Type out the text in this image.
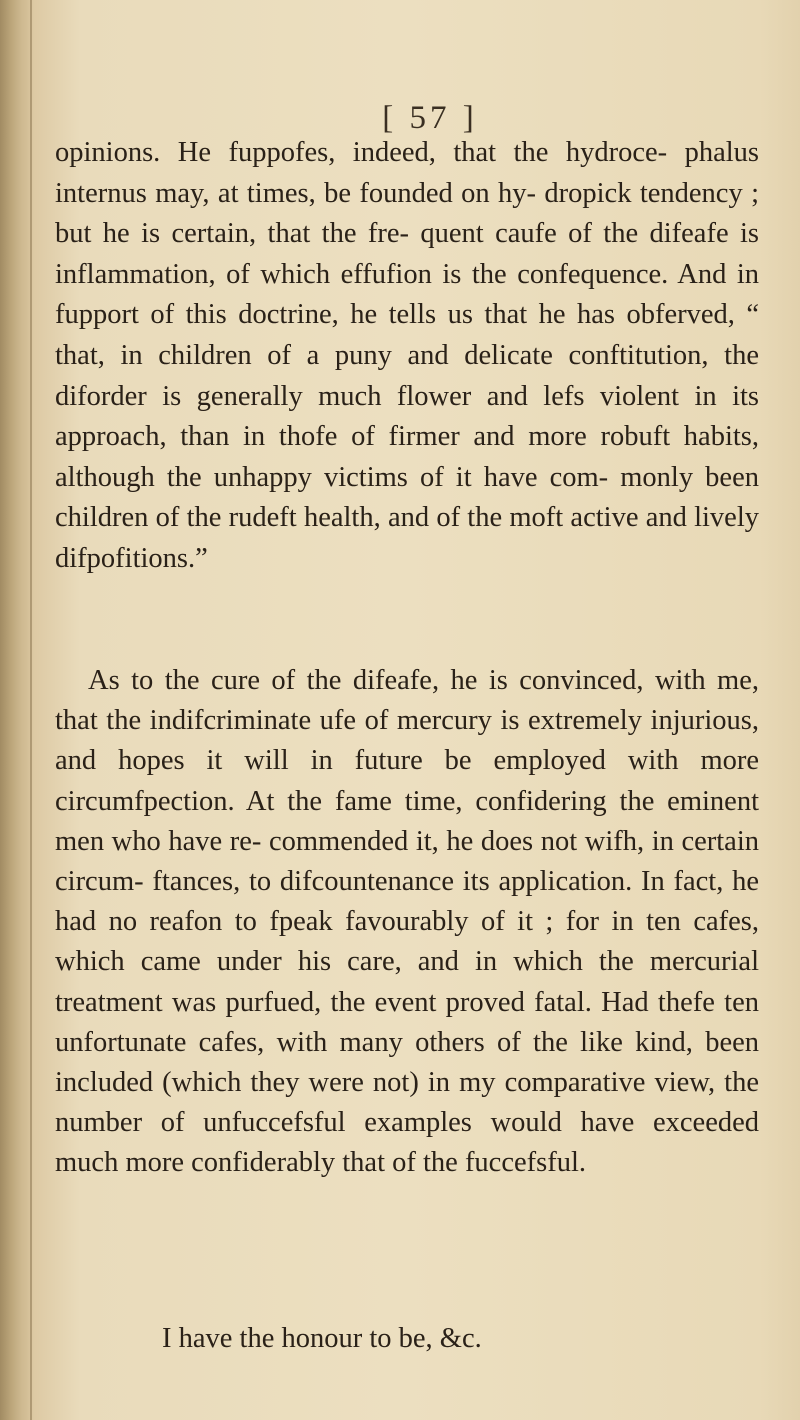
[ 57 ]

opinions. He fuppofes, indeed, that the hydroce- phalus internus may, at times, be founded on hy- dropick tendency ; but he is certain, that the fre- quent caufe of the difeafe is inflammation, of which effufion is the confequence. And in fupport of this doctrine, he tells us that he has obferved, “ that, in children of a puny and delicate conftitution, the diforder is generally much flower and lefs violent in its approach, than in thofe of firmer and more robuft habits, although the unhappy victims of it have com- monly been children of the rudeft health, and of the moft active and lively difpofitions.”

As to the cure of the difeafe, he is convinced, with me, that the indifcriminate ufe of mercury is extremely injurious, and hopes it will in future be employed with more circumfpection. At the fame time, confidering the eminent men who have re- commended it, he does not wifh, in certain circum- ftances, to difcountenance its application. In fact, he had no reafon to fpeak favourably of it ; for in ten cafes, which came under his care, and in which the mercurial treatment was purfued, the event proved fatal. Had thefe ten unfortunate cafes, with many others of the like kind, been included (which they were not) in my comparative view, the number of unfuccefsful examples would have exceeded much more confiderably that of the fuccefsful.

I have the honour to be, &c.
